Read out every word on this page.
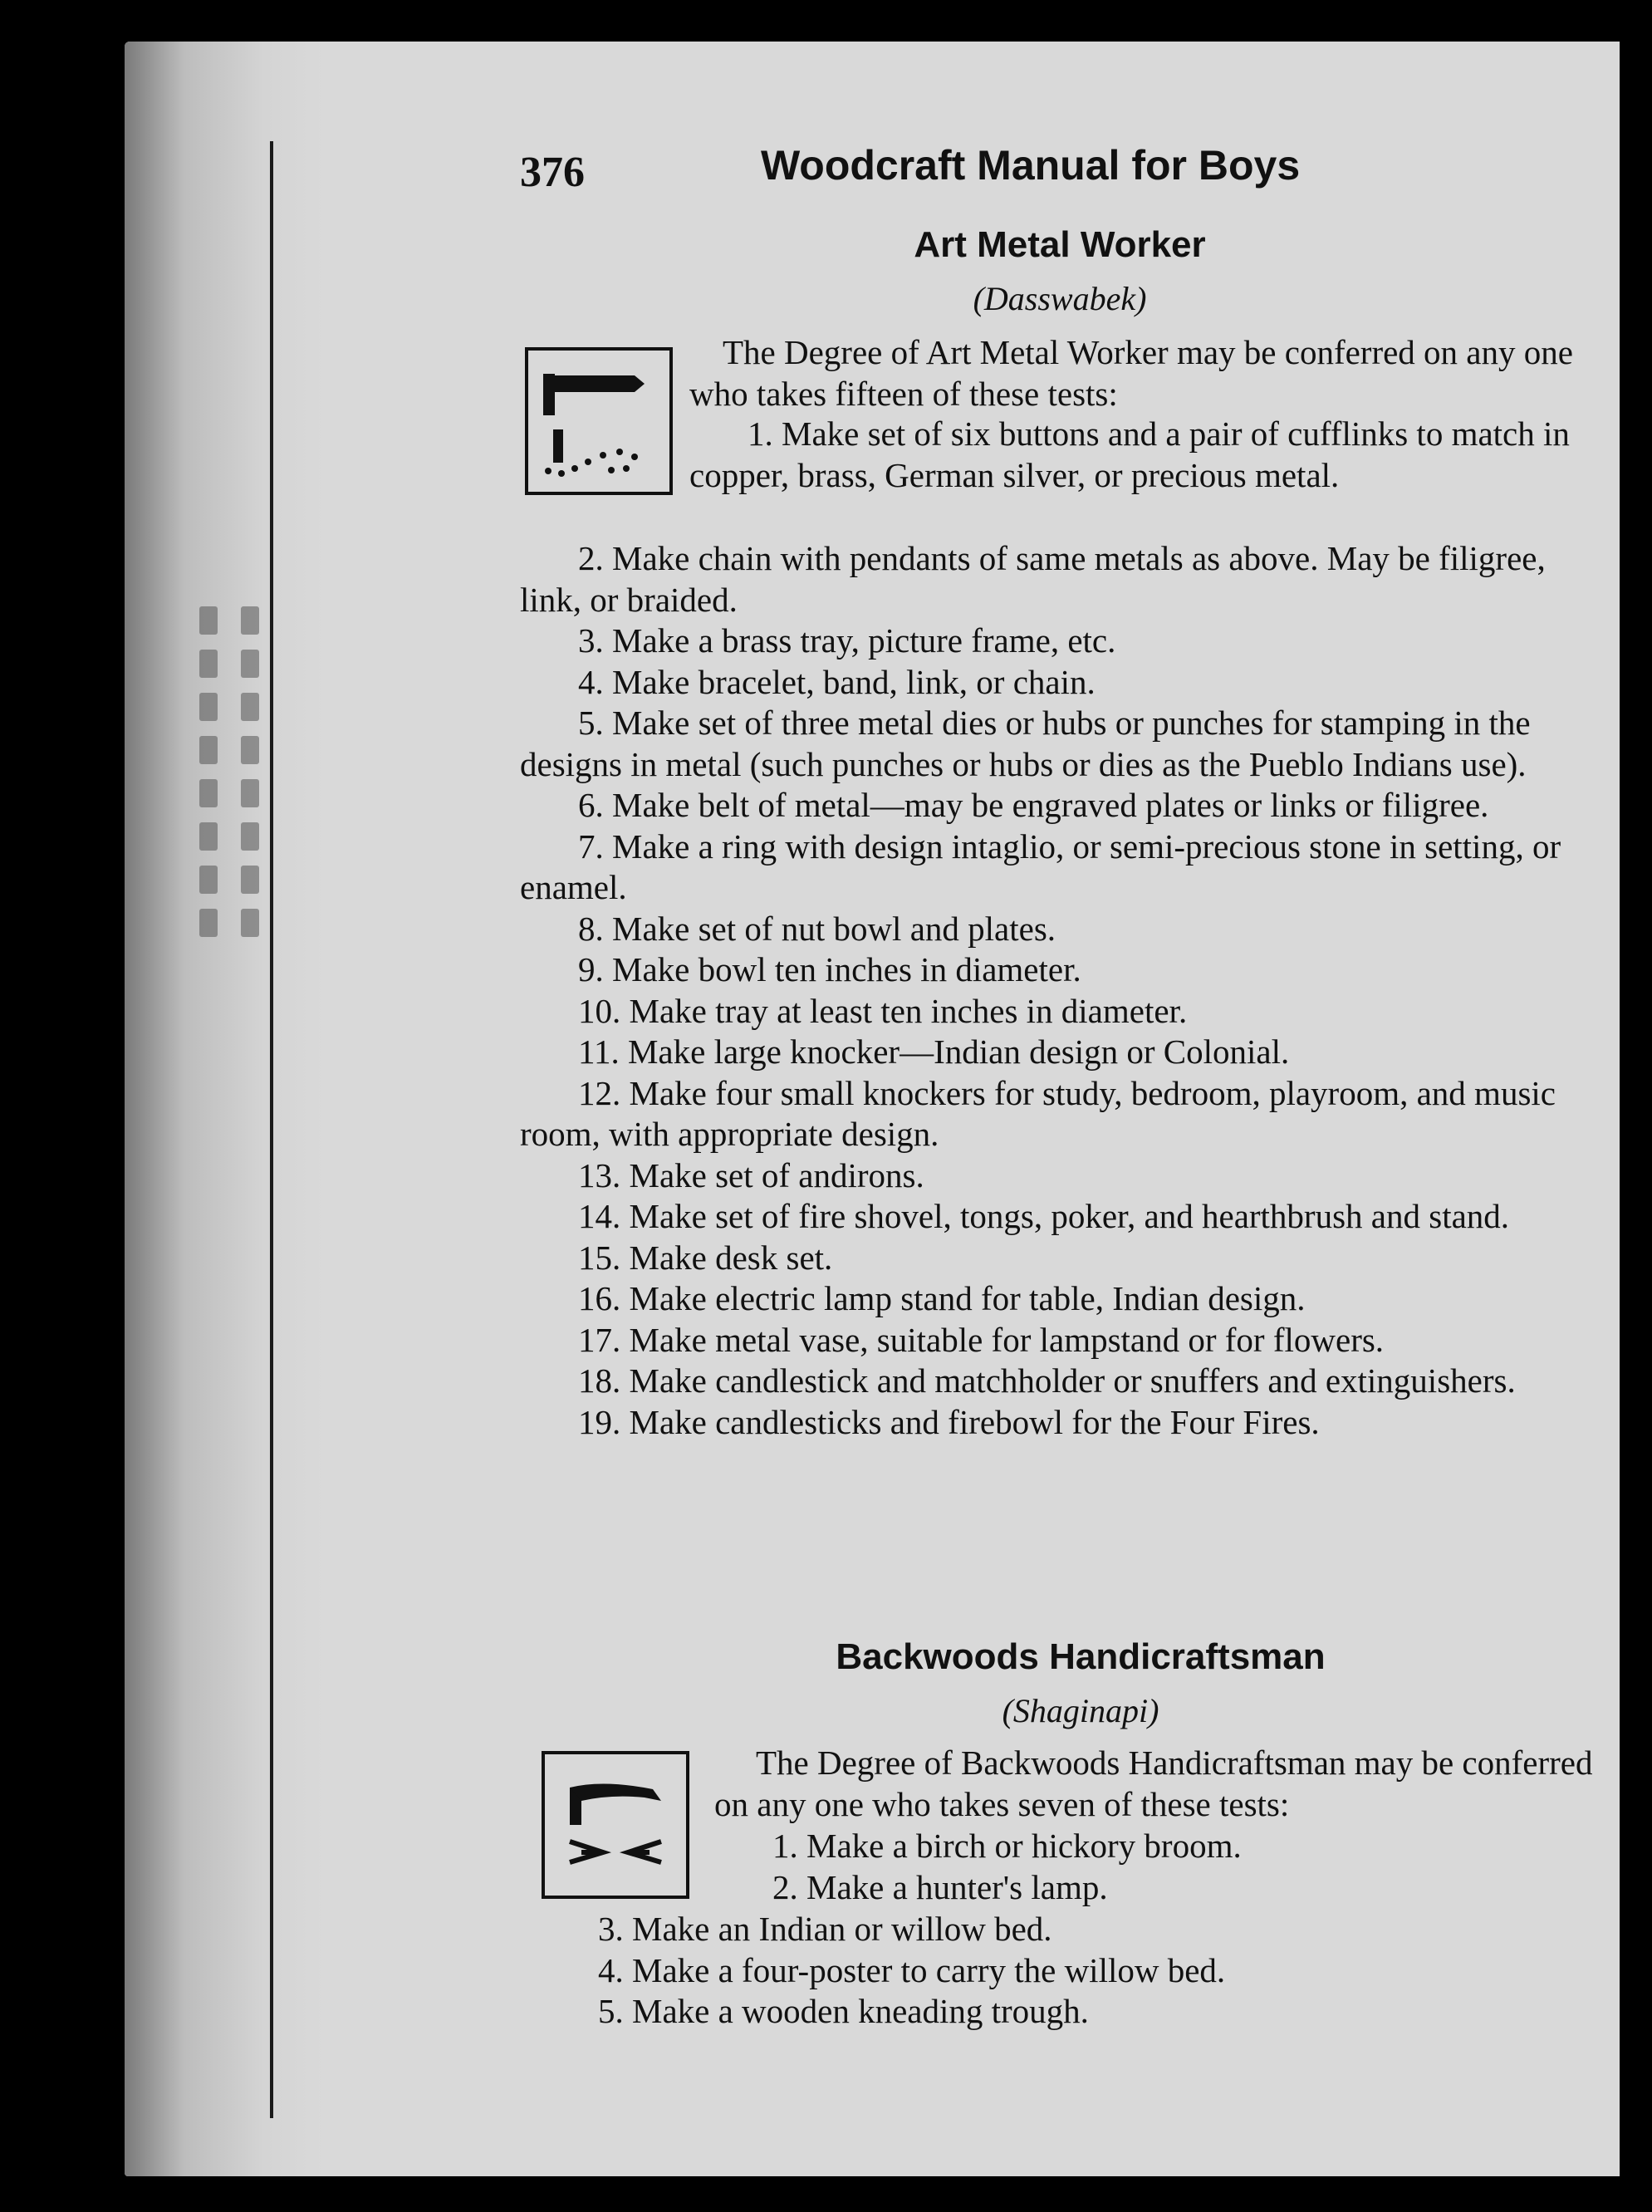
376	Woodcraft Manual for Boys
Art Metal Worker
(Dasswabek)

The Degree of Art Metal Worker may be conferred on any one who takes fifteen of these tests:

1. Make set of six buttons and a pair of cufflinks to match in copper, brass, German silver, or precious metal.

2. Make chain with pendants of same metals as above. May be filigree, link, or braided.

3. Make a brass tray, picture frame, etc.

4. Make bracelet, band, link, or chain.

5. Make set of three metal dies or hubs or punches for stamping in the designs in metal (such punches or hubs or dies as the Pueblo Indians use).

6. Make belt of metal—may be engraved plates or links or filigree.

7. Make a ring with design intaglio, or semi-precious stone in setting, or enamel.

8. Make set of nut bowl and plates.

9. Make bowl ten inches in diameter.

10. Make tray at least ten inches in diameter.

11. Make large knocker—Indian design or Colonial.

12. Make four small knockers for study, bedroom, playroom, and music room, with appropriate design.

13. Make set of andirons.

14. Make set of fire shovel, tongs, poker, and hearthbrush and stand.

15. Make desk set.

16. Make electric lamp stand for table, Indian design.

17. Make metal vase, suitable for lampstand or for flowers.

18. Make candlestick and matchholder or snuffers and extinguishers.

19. Make candlesticks and firebowl for the Four Fires.

Backwoods Handicraftsman
(Shaginapi)

The Degree of Backwoods Handicraftsman may be conferred on any one who takes seven of these tests:

1. Make a birch or hickory broom.

2. Make a hunter's lamp.

3. Make an Indian or willow bed.

4. Make a four-poster to carry the willow bed.

5. Make a wooden kneading trough.
